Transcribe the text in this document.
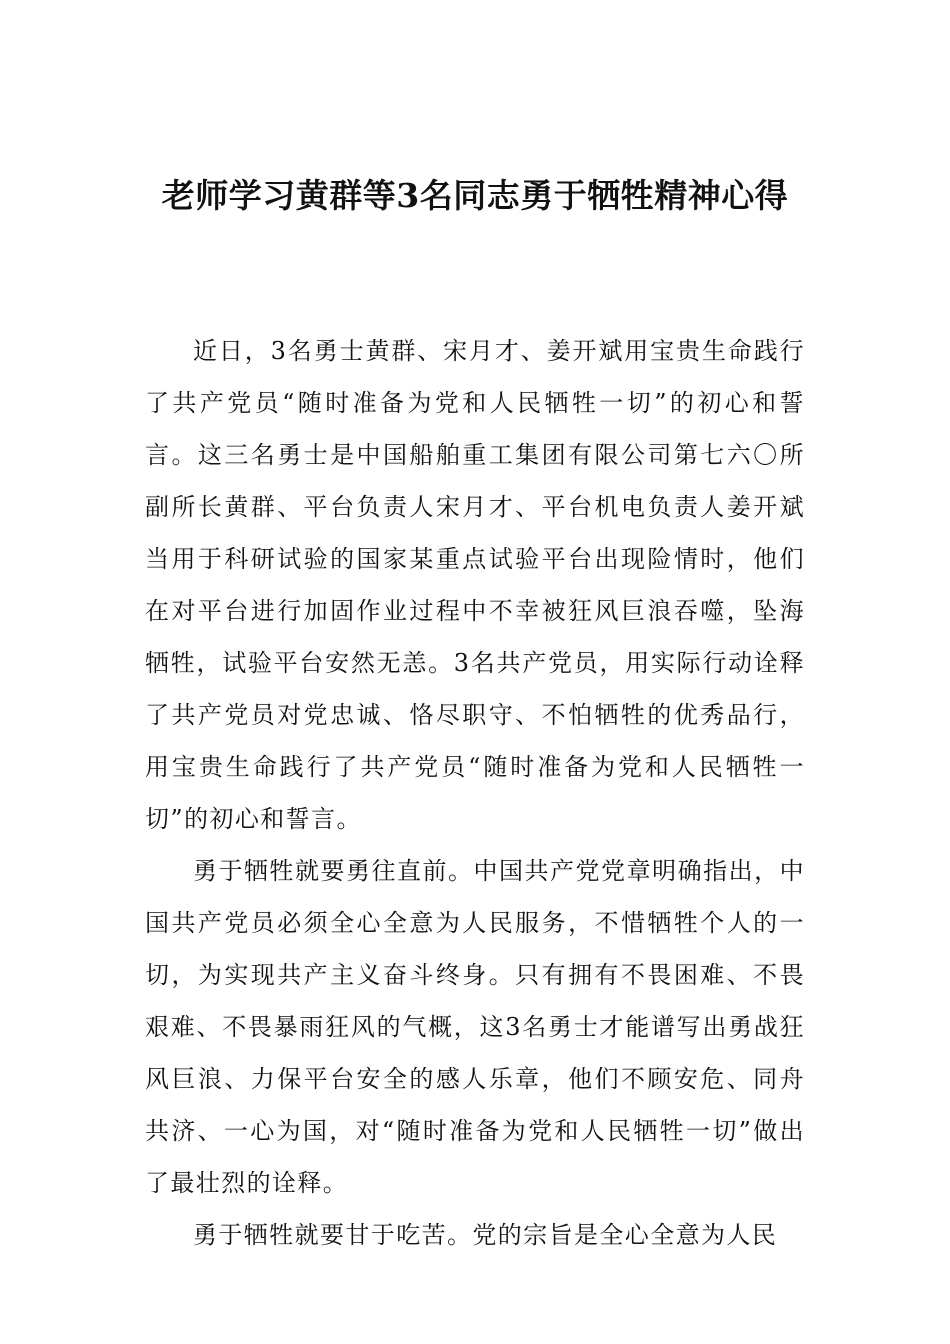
老师学习黄群等3名同志勇于牺牲精神心得

近日，3名勇士黄群、宋月才、姜开斌用宝贵生命践行了共产党员“随时准备为党和人民牺牲一切”的初心和誓言。这三名勇士是中国船舶重工集团有限公司第七六〇所副所长黄群、平台负责人宋月才、平台机电负责人姜开斌当用于科研试验的国家某重点试验平台出现险情时，他们在对平台进行加固作业过程中不幸被狂风巨浪吞噬，坠海牺牲，试验平台安然无恙。3名共产党员，用实际行动诠释了共产党员对党忠诚、恪尽职守、不怕牺牲的优秀品行，用宝贵生命践行了共产党员“随时准备为党和人民牺牲一切”的初心和誓言。

勇于牺牲就要勇往直前。中国共产党党章明确指出，中国共产党员必须全心全意为人民服务，不惜牺牲个人的一切，为实现共产主义奋斗终身。只有拥有不畏困难、不畏艰难、不畏暴雨狂风的气概，这3名勇士才能谱写出勇战狂风巨浪、力保平台安全的感人乐章，他们不顾安危、同舟共济、一心为国，对“随时准备为党和人民牺牲一切”做出了最壮烈的诠释。

勇于牺牲就要甘于吃苦。党的宗旨是全心全意为人民
